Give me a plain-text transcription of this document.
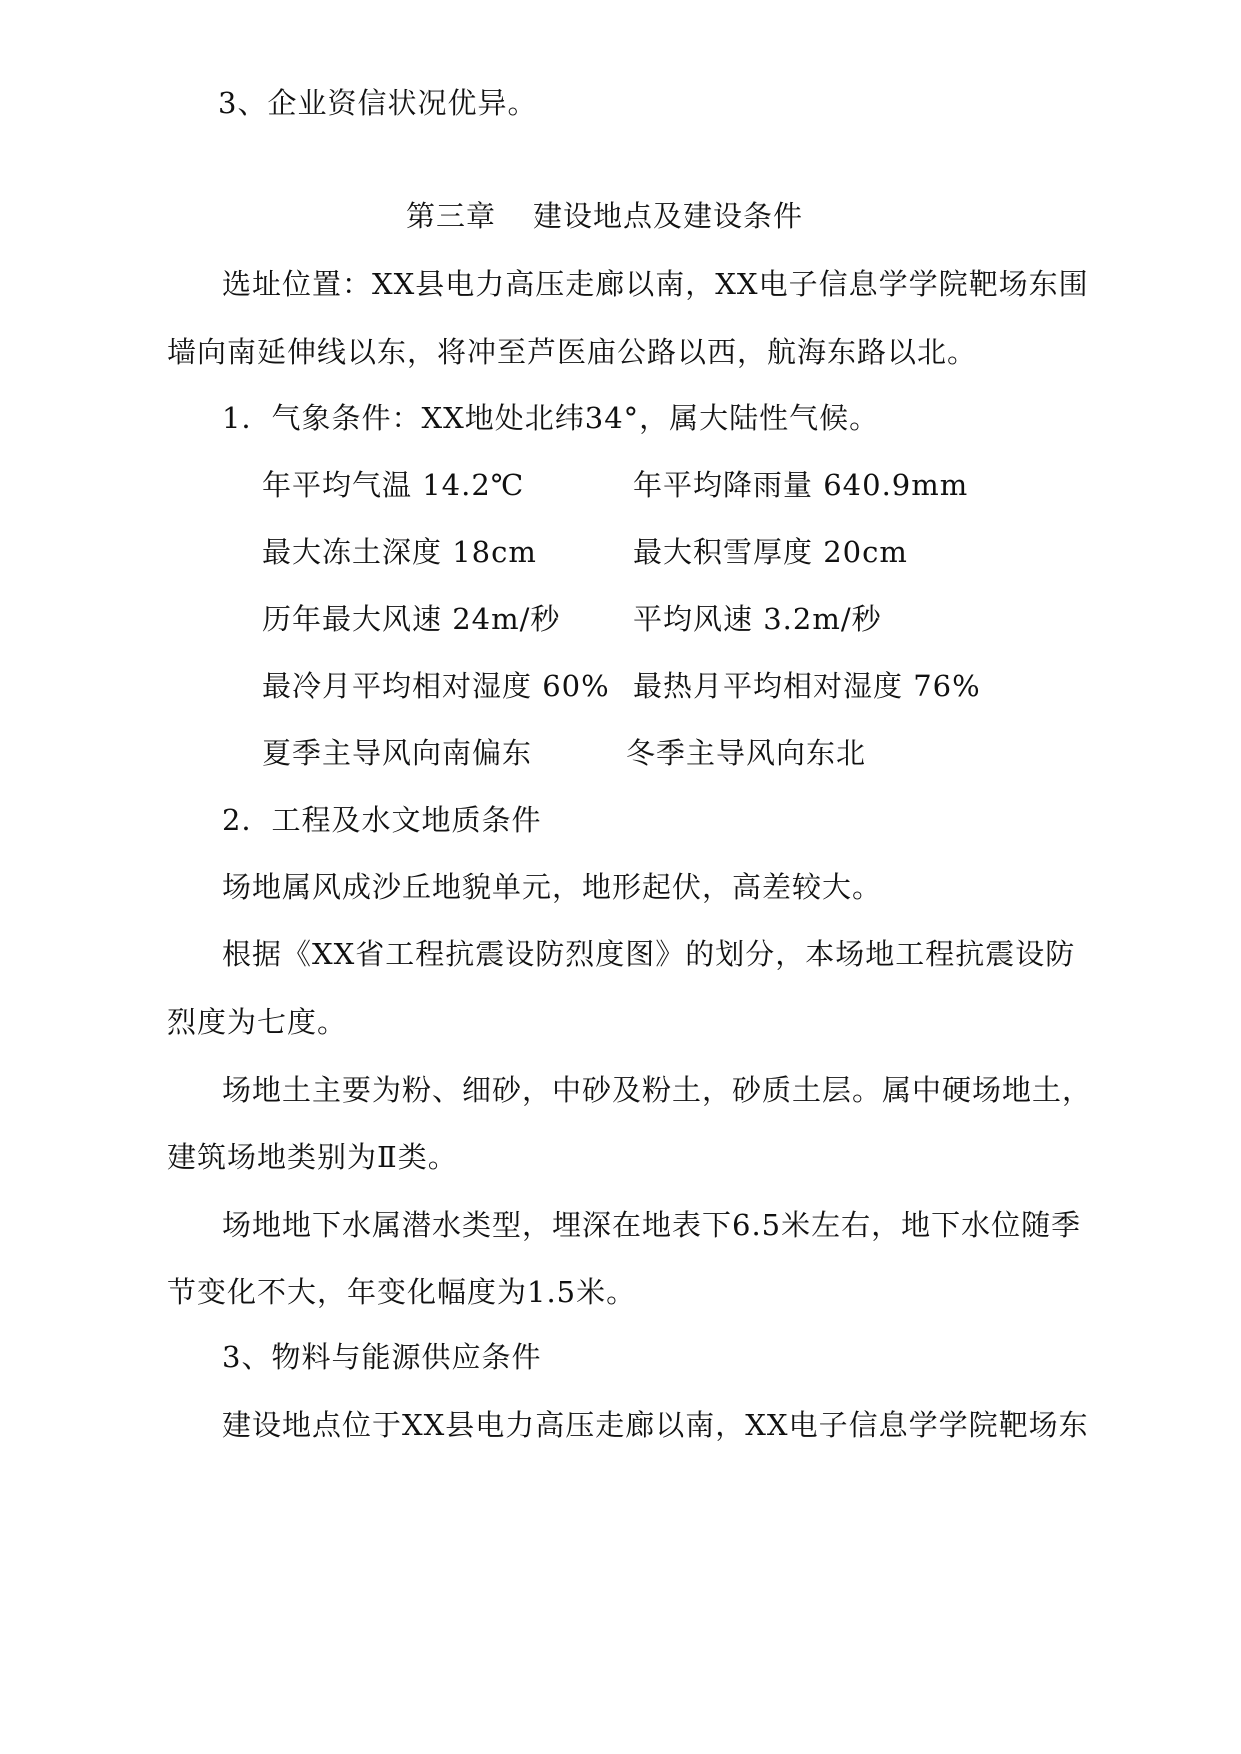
3、企业资信状况优异。
第三章 建设地点及建设条件
选址位置：XX县电力高压走廊以南，XX电子信息学学院靶场东围
墙向南延伸线以东，将冲至芦医庙公路以西，航海东路以北。
1．气象条件：XX地处北纬34°，属大陆性气候。
年平均气温 14.2℃	年平均降雨量 640.9mm
最大冻土深度 18cm	最大积雪厚度 20cm
历年最大风速 24m/秒	平均风速 3.2m/秒
最冷月平均相对湿度 60% 最热月平均相对湿度 76%
夏季主导风向南偏东	冬季主导风向东北
2．工程及水文地质条件
场地属风成沙丘地貌单元，地形起伏，高差较大。
根据《XX省工程抗震设防烈度图》的划分，本场地工程抗震设防
烈度为七度。
场地土主要为粉、细砂，中砂及粉土，砂质土层。属中硬场地土，
建筑场地类别为Ⅱ类。
场地地下水属潜水类型，埋深在地表下6.5米左右，地下水位随季
节变化不大，年变化幅度为1.5米。
3、物料与能源供应条件
建设地点位于XX县电力高压走廊以南，XX电子信息学学院靶场东
